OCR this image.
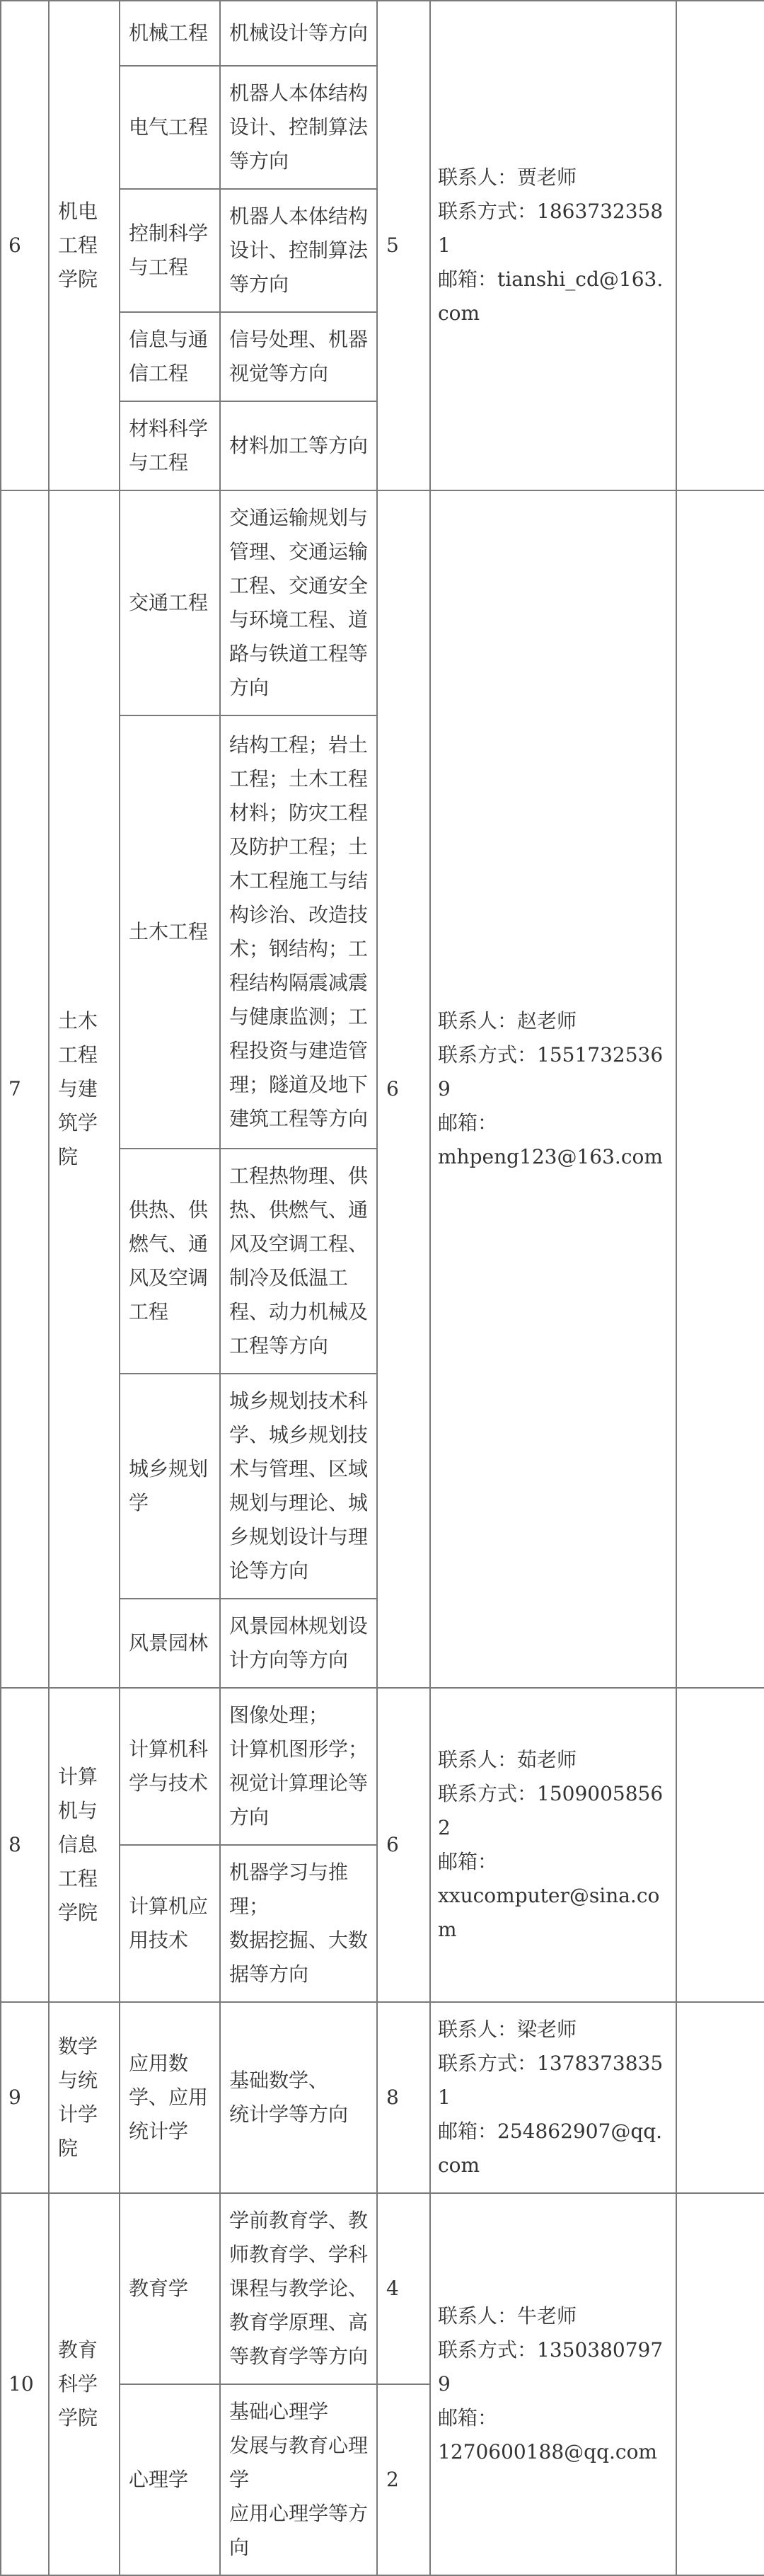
6	机电工程学院	机械工程	机械设计等方向	5	联系人：贾老师
联系方式：18637323581
邮箱：tianshi_cd@163.com	

		电气工程	机器人本体结构设计、控制算法等方向			
		控制科学与工程	机器人本体结构设计、控制算法等方向			
		信息与通信工程	信号处理、机器视觉等方向			
		材料科学与工程	材料加工等方向			
7	土木工程与建筑学院	交通工程	交通运输规划与管理、交通运输工程、交通安全与环境工程、道路与铁道工程等方向	6	联系人：赵老师
联系方式：15517325369
邮箱：
mhpeng123@163.com	

		土木工程	结构工程；岩土工程；土木工程材料；防灾工程及防护工程；土木工程施工与结构诊治、改造技术；钢结构；工程结构隔震减震与健康监测；工程投资与建造管理；隧道及地下建筑工程等方向			
		供热、供燃气、通风及空调工程	工程热物理、供热、供燃气、通风及空调工程、制冷及低温工程、动力机械及工程等方向			
		城乡规划学	城乡规划技术科学、城乡规划技术与管理、区域规划与理论、城乡规划设计与理论等方向			
		风景园林	风景园林规划设计方向等方向			
8	计算机与信息工程学院	计算机科学与技术	图像处理；
计算机图形学；
视觉计算理论等方向	6	联系人：茹老师
联系方式：15090058562
邮箱：
xxucomputer@sina.com	

		计算机应用技术	机器学习与推理；
数据挖掘、大数据等方向			

9	数学与统计学院	应用数学、应用统计学	基础数学、
统计学等方向	8	联系人：梁老师
联系方式：13783738351
邮箱：254862907@qq.com	

10	教育科学学院	教育学	学前教育学、教师教育学、学科课程与教学论、教育学原理、高等教育学等方向	4	联系人：牛老师
联系方式：13503807979
邮箱：
1270600188@qq.com	

		心理学	基础心理学
发展与教育心理学
应用心理学等方向	2		
